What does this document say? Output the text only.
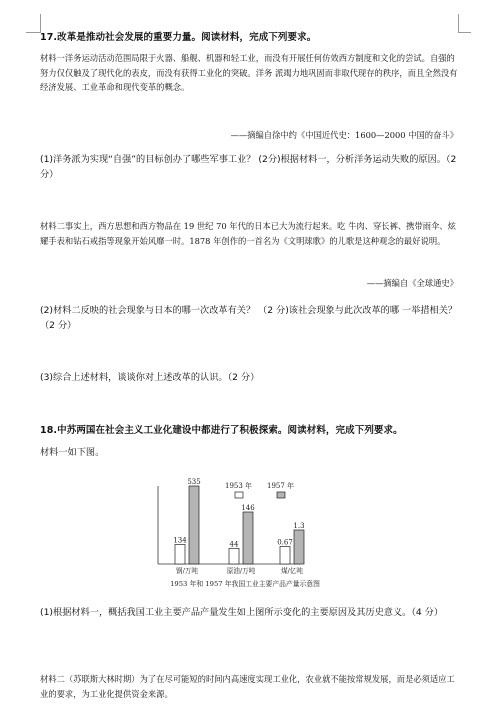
17.改革是推动社会发展的重要力量。阅读材料，完成下列要求。
材料一洋务运动活动范围局限于火器、船舰、机器和轻工业，而没有开展任何仿效西方制度和文化的尝试。自强的努力仅仅触及了现代化的表皮，而没有获得工业化的突破。洋务 派竭力地巩固而非取代现存的秩序，而且全然没有经济发展、工业革命和现代变革的概念。
——摘编自徐中约《中国近代史：1600—2000 中国的奋斗》
(1)洋务派为实现“自强”的目标创办了哪些军事工业？ (2分)根据材料一，分析洋务运动失败的原因。（2 分）
材料二事实上，西方思想和西方物品在 19 世纪 70 年代的日本已大为流行起来。吃 牛肉、穿长裤、携带雨伞、炫耀手表和钻石戒指等现象开始风靡一时。1878 年创作的一首名为《文明球歌》的儿歌是这种观念的最好说明。
——摘编自《全球通史》
(2)材料二反映的社会现象与日本的哪一次改革有关？ （2 分)该社会现象与此次改革的哪 一举措相关？（2 分）
(3)综合上述材料，谈谈你对上述改革的认识。（2 分）
18.中苏两国在社会主义工业化建设中都进行了积极探索。阅读材料，完成下列要求。
材料一如下图。
134	44	0.67
535
146
1.3
钢/万吨	原油/万吨	煤/亿吨
1953 年 1957 年
1953 年和 1957 年我国工业主要产品产量示意图
(1)根据材料一，概括我国工业主要产品产量发生如上图所示变化的主要原因及其历史意义。（4 分）
材料二（苏联斯大林时期）为了在尽可能短的时间内高速度实现工业化，农业就不能按常规发展，而是必须适应工业的要求，为工业化提供资金来源。
